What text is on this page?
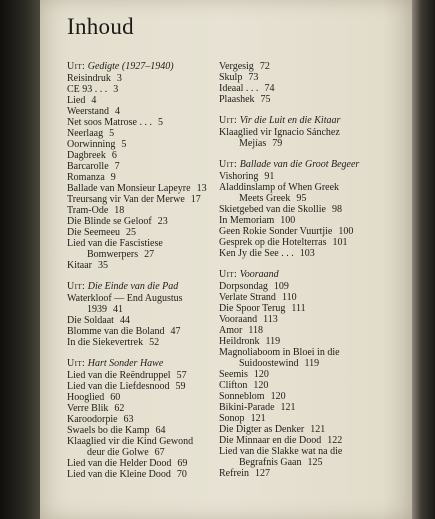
Inhoud
Uit: Gedigte (1927–1940)
Reisindruk 3
CE 93 . . . 3
Lied 4
Weerstand 4
Net soos Matrose . . . 5
Neerlaag 5
Oorwinning 5
Dagbreek 6
Barcarolle 7
Romanza 9
Ballade van Monsieur Lapeyre 13
Treursang vir Van der Merwe 17
Tram-Ode 18
Die Blinde se Geloof 23
Die Seemeeu 25
Lied van die Fascistiese
Bomwerpers 27
Kitaar 35
Uit: Die Einde van die Pad
Waterkloof — End Augustus
1939 41
Die Soldaat 44
Blomme van die Boland 47
In die Siekevertrek 52
Uit: Hart Sonder Hawe
Lied van die Reëndruppel 57
Lied van die Liefdesnood 59
Hooglied 60
Verre Blik 62
Karoodorpie 63
Swaels bo die Kamp 64
Klaaglied vir die Kind Gewond
deur die Golwe 67
Lied van die Helder Dood 69
Lied van die Kleine Dood 70
Vergesig 72
Skulp 73
Ideaal . . . 74
Plaashek 75
Uit: Vir die Luit en die Kitaar
Klaaglied vir Ignacio Sánchez
Mejías 79
Uit: Ballade van die Groot Begeer
Vishoring 91
Aladdinslamp of When Greek
Meets Greek 95
Skietgebed van die Skollie 98
In Memoriam 100
Geen Rokie Sonder Vuurtjie 100
Gesprek op die Hotelterras 101
Ken Jy die See . . . 103
Uit: Vooraand
Dorpsondag 109
Verlate Strand 110
Die Spoor Terug 111
Vooraand 113
Amor 118
Heildronk 119
Magnoliaboom in Bloei in die
Suidoostewind 119
Seemis 120
Clifton 120
Sonneblom 120
Bikini-Parade 121
Sonop 121
Die Digter as Denker 121
Die Minnaar en die Dood 122
Lied van die Slakke wat na die
Begrafnis Gaan 125
Refrein 127
